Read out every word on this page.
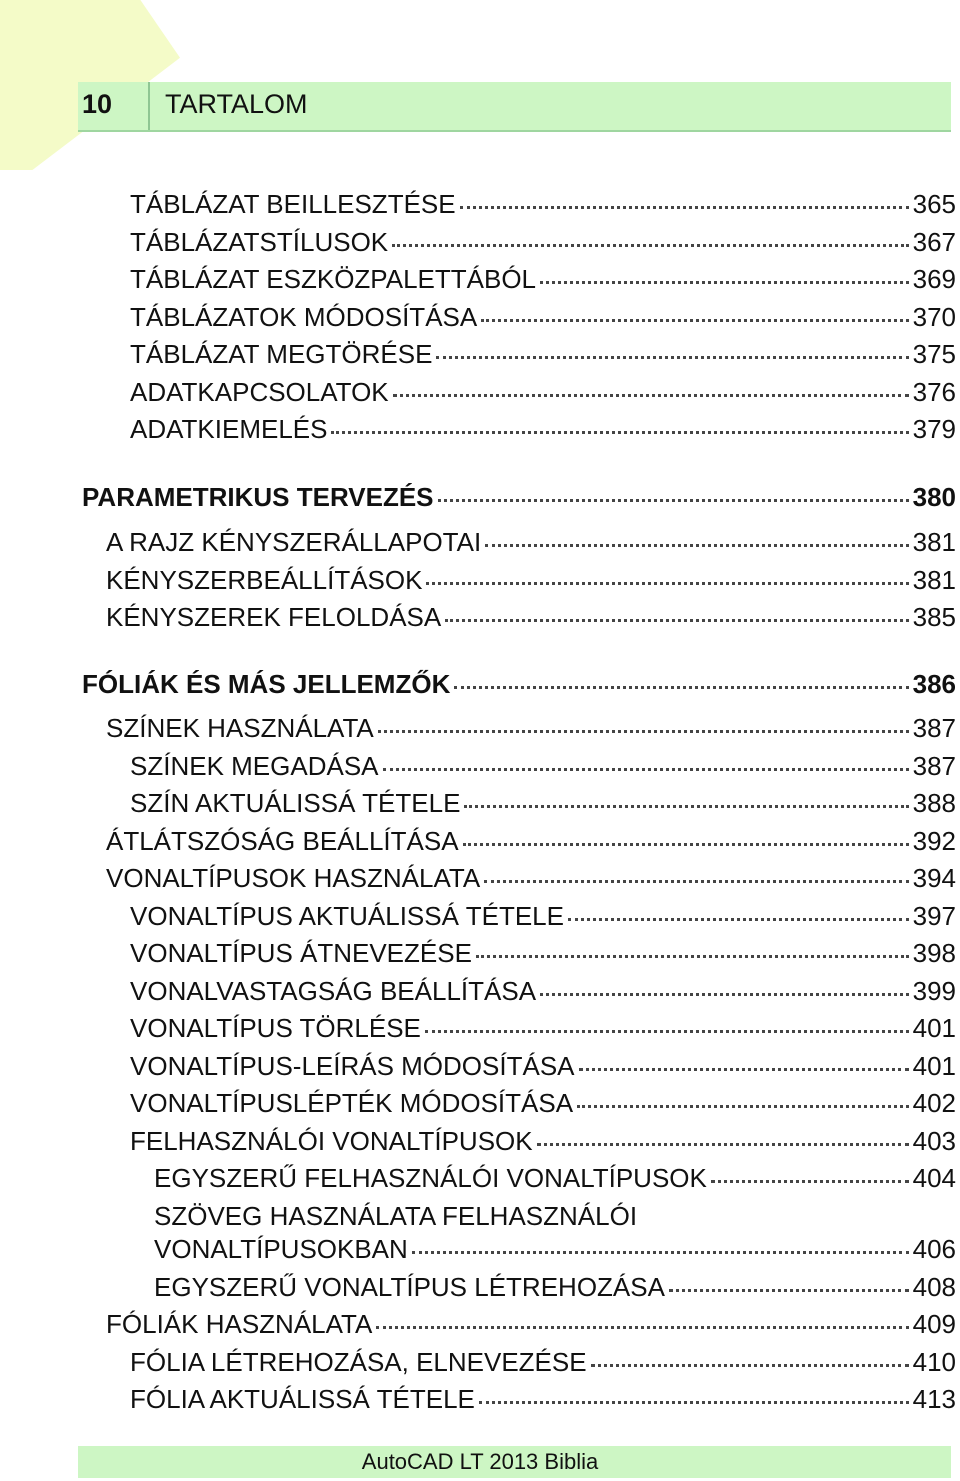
10 TARTALOM
TÁBLÁZAT BEILLESZTÉSE	365
TÁBLÁZATSTÍLUSOK	367
TÁBLÁZAT ESZKÖZPALETTÁBÓL	369
TÁBLÁZATOK MÓDOSÍTÁSA	370
TÁBLÁZAT MEGTÖRÉSE	375
ADATKAPCSOLATOK	376
ADATKIEMELÉS	379
PARAMETRIKUS TERVEZÉS	380
A RAJZ KÉNYSZERÁLLAPOTAI	381
KÉNYSZERBEÁLLÍTÁSOK	381
KÉNYSZEREK FELOLDÁSA	385
FÓLIÁK ÉS MÁS JELLEMZŐK	386
SZÍNEK HASZNÁLATA	387
SZÍNEK MEGADÁSA	387
SZÍN AKTUÁLISSÁ TÉTELE	388
ÁTLÁTSZÓSÁG BEÁLLÍTÁSA	392
VONALTÍPUSOK HASZNÁLATA	394
VONALTÍPUS AKTUÁLISSÁ TÉTELE	397
VONALTÍPUS ÁTNEVEZÉSE	398
VONALVASTAGSÁG BEÁLLÍTÁSA	399
VONALTÍPUS TÖRLÉSE	401
VONALTÍPUS-LEÍRÁS MÓDOSÍTÁSA	401
VONALTÍPUSLÉPTÉK MÓDOSÍTÁSA	402
FELHASZNÁLÓI VONALTÍPUSOK	403
EGYSZERŰ FELHASZNÁLÓI VONALTÍPUSOK	404
SZÖVEG HASZNÁLATA FELHASZNÁLÓI
VONALTÍPUSOKBAN	406
EGYSZERŰ VONALTÍPUS LÉTREHOZÁSA	408
FÓLIÁK HASZNÁLATA	409
FÓLIA LÉTREHOZÁSA, ELNEVEZÉSE	410
FÓLIA AKTUÁLISSÁ TÉTELE	413
AutoCAD LT 2013 Biblia
